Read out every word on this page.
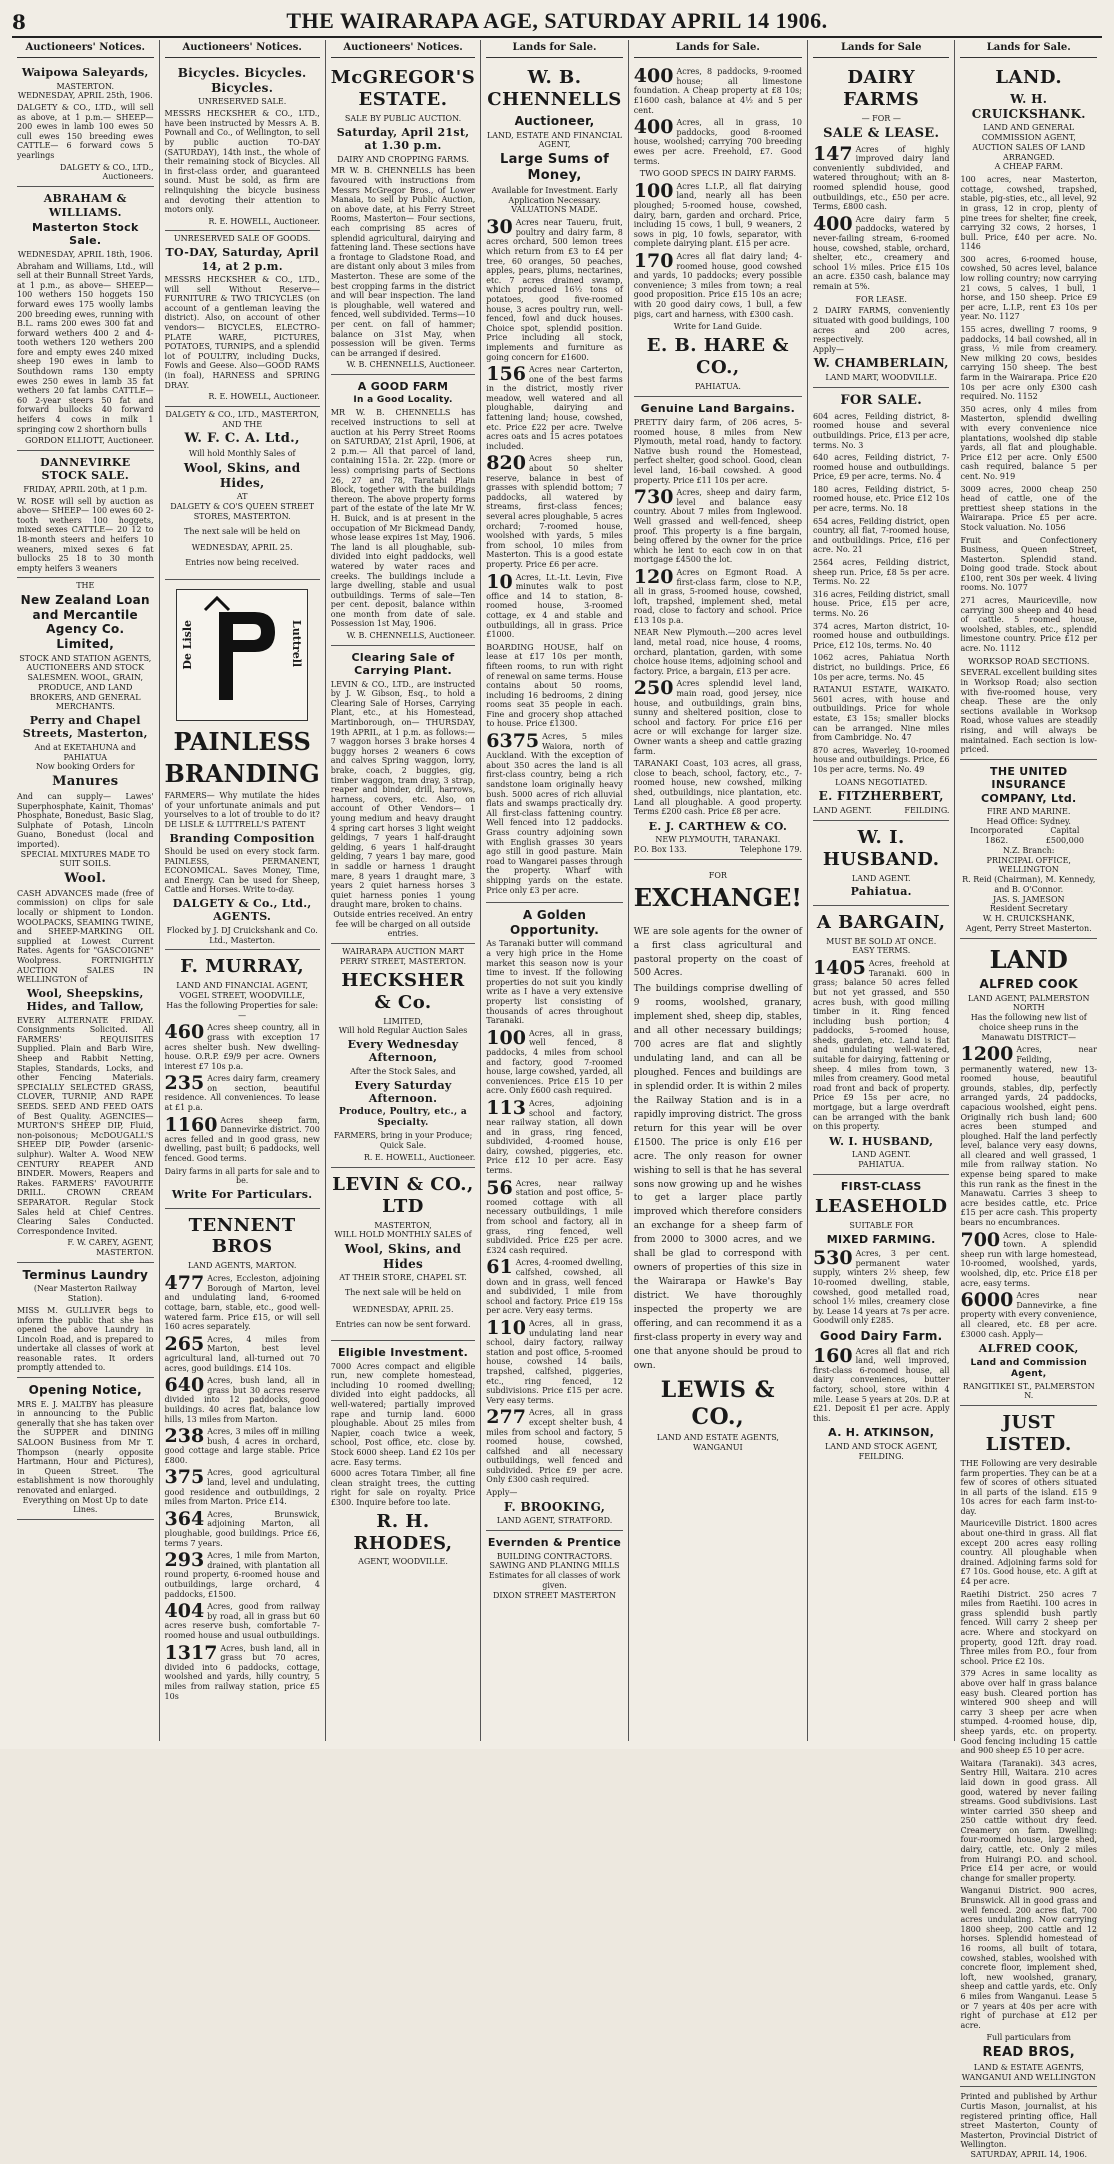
8	THE WAIRARAPA AGE, SATURDAY APRIL 14 1906.
Auctioneers' Notices.
Waipowa Saleyards,
MASTERTON.
WEDNESDAY, APRIL 25th, 1906.
DALGETY & CO., LTD., will sell as above, at 1 p.m.— SHEEP— 200 ewes in lamb 100 ewes 50 cull ewes 150 breeding ewes CATTLE— 6 forward cows 5 yearlings
DALGETY & CO., LTD., Auctioneers.
ABRAHAM & WILLIAMS.
Masterton Stock Sale.
WEDNESDAY, APRIL 18th, 1906.
Abraham and Williams, Ltd., will sell at their Bunnall Street Yards, at 1 p.m., as above— SHEEP— 100 wethers 150 hoggets 150 forward ewes 175 woolly lambs 200 breeding ewes, running with B.L. rams 200 ewes 300 fat and forward wethers 400 2 and 4-tooth wethers 120 wethers 200 fore and empty ewes 240 mixed sheep 190 ewes in lamb to Southdown rams 130 empty ewes 250 ewes in lamb 35 fat wethers 20 fat lambs CATTLE— 60 2-year steers 50 fat and forward bullocks 40 forward heifers 4 cows in milk 1 springing cow 2 shorthorn bulls
GORDON ELLIOTT, Auctioneer.
DANNEVIRKE STOCK SALE.
FRIDAY, APRIL 20th, at 1 p.m.
W. ROSE will sell by auction as above— SHEEP— 100 ewes 60 2-tooth wethers 100 hoggets, mixed sexes CATTLE— 20 12 to 18-month steers and heifers 10 weaners, mixed sexes 6 fat bullocks 25 18 to 30 month empty heifers 3 weaners
THE
New Zealand Loan and Mercantile Agency Co. Limited,
STOCK AND STATION AGENTS, AUCTIONEERS AND STOCK SALESMEN. WOOL, GRAIN, PRODUCE, AND LAND BROKERS, AND GENERAL MERCHANTS.
Perry and Chapel Streets, Masterton,
And at EKETAHUNA and PAHIATUA
Now booking Orders for
Manures
And can supply— Lawes' Superphosphate, Kainit, Thomas' Phosphate, Bonedust, Basic Slag, Sulphate of Potash, Lincoln Guano, Bonedust (local and imported).
SPECIAL MIXTURES MADE TO SUIT SOILS.
Wool.
CASH ADVANCES made (free of commission) on clips for sale locally or shipment to London. WOOLPACKS, SEAMING TWINE, and SHEEP-MARKING OIL supplied at Lowest Current Rates. Agents for "GASCOIGNE" Woolpress. FORTNIGHTLY AUCTION SALES IN WELLINGTON of
Wool, Sheepskins, Hides, and Tallow,
EVERY ALTERNATE FRIDAY. Consignments Solicited. All FARMERS' REQUISITES Supplied. Plain and Barb Wire, Sheep and Rabbit Netting, Staples, Standards, Locks, and other Fencing Materials. SPECIALLY SELECTED GRASS, CLOVER, TURNIP, AND RAPE SEEDS. SEED AND FEED OATS of Best Quality. AGENCIES— MURTON'S SHEEP DIP, Fluid, non-poisonous; McDOUGALL'S SHEEP DIP, Powder (arsenic-sulphur). Walter A. Wood NEW CENTURY REAPER AND BINDER. Mowers, Reapers and Rakes. FARMERS' FAVOURITE DRILL. CROWN CREAM SEPARATOR. Regular Stock Sales held at Chief Centres. Clearing Sales Conducted. Correspondence Invited.
F. W. CAREY, AGENT, MASTERTON.
Terminus Laundry
(Near Masterton Railway Station).
MISS M. GULLIVER begs to inform the public that she has opened the above Laundry in Lincoln Road, and is prepared to undertake all classes of work at reasonable rates. It orders promptly attended to.
Opening Notice,
MRS E. J. MALTBY has pleasure in announcing to the Public generally that she has taken over the SUPPER and DINING SALOON Business from Mr T. Thompson (nearly opposite Hartmann, Hour and Pictures), in Queen Street. The establishment is now thoroughly renovated and enlarged.
Everything on Most Up to date Lines.
Auctioneers' Notices.
Bicycles. Bicycles. Bicycles.
UNRESERVED SALE.
MESSRS HECKSHER & CO., LTD., have been instructed by Messrs A. B. Pownall and Co., of Wellington, to sell by public auction TO-DAY (SATURDAY), 14th inst., the whole of their remaining stock of Bicycles. All in first-class order, and guaranteed sound. Must be sold, as firm are relinquishing the bicycle business and devoting their attention to motors only.
R. E. HOWELL, Auctioneer.
UNRESERVED SALE OF GOODS.
TO-DAY, Saturday, April 14, at 2 p.m.
MESSRS HECKSHER & CO., LTD., will sell Without Reserve— FURNITURE & TWO TRICYCLES (on account of a gentleman leaving the district). Also, on account of other vendors— BICYCLES, ELECTRO-PLATE WARE, PICTURES, POTATOES, TURNIPS, and a splendid lot of POULTRY, including Ducks, Fowls and Geese. Also—GOOD RAMS (in foal), HARNESS and SPRING DRAY.
R. E. HOWELL, Auctioneer.
DALGETY & CO., LTD., MASTERTON,
AND THE
W. F. C. A. Ltd.,
Will hold Monthly Sales of
Wool, Skins, and Hides,
AT
DALGETY & CO'S QUEEN STREET STORES, MASTERTON.
The next sale will be held on
WEDNESDAY, APRIL 25.
Entries now being received.
De Lisle	Luttrell
PAINLESS
BRANDING
FARMERS— Why mutilate the hides of your unfortunate animals and put yourselves to a lot of trouble to do it? DE LISLE & LUTTRELL'S PATENT
Branding Composition
Should be used on every stock farm. PAINLESS, PERMANENT, ECONOMICAL. Saves Money, Time, and Energy. Can be used for Sheep, Cattle and Horses. Write to-day.
DALGETY & Co., Ltd., AGENTS.
Flocked by J. DJ Cruickshank and Co. Ltd., Masterton.
F. MURRAY,
LAND AND FINANCIAL AGENT, VOGEL STREET, WOODVILLE,
Has the following Properties for sale:—
460 Acres sheep country, all in grass with exception 17 acres shelter bush. New dwelling-house. O.R.P. £9/9 per acre. Owners interest £7 10s p.a.
235 Acres dairy farm, creamery on section, beautiful residence. All conveniences. To lease at £1 p.a.
1160 Acres sheep farm, Dannevirke district. 700 acres felled and in good grass, new dwelling, past built; 6 paddocks, well fenced. Good terms.
Dairy farms in all parts for sale and to be.
Write For Particulars.
TENNENT BROS
LAND AGENTS, MARTON.
477 Acres, Eccleston, adjoining Borough of Marton, level and undulating land, 6-roomed cottage, barn, stable, etc., good well-watered farm. Price £15, or will sell 160 acres separately.
265 Acres, 4 miles from Marton, best level agricultural land, all-turned out 70 acres, good buildings. £14 10s.
640 Acres, bush land, all in grass but 30 acres reserve divided into 12 paddocks, good buildings. 40 acres flat, balance low hills, 13 miles from Marton.
238 Acres, 3 miles off in milling bush, 4 acres in orchard, good cottage and large stable. Price £800.
375 Acres, good agricultural land, level and undulating, good residence and outbuildings, 2 miles from Marton. Price £14.
364 Acres, Brunswick, adjoining Marton, all ploughable, good buildings. Price £6, terms 7 years.
293 Acres, 1 mile from Marton, drained, with plantation all round property, 6-roomed house and outbuildings, large orchard, 4 paddocks, £1500.
404 Acres, good from railway by road, all in grass but 60 acres reserve bush, comfortable 7-roomed house and usual outbuildings.
1317 Acres, bush land, all in grass but 70 acres, divided into 6 paddocks, cottage, woolshed and yards, hilly country, 5 miles from railway station, price £5 10s
Auctioneers' Notices.
McGREGOR'S ESTATE.
SALE BY PUBLIC AUCTION.
Saturday, April 21st, at 1.30 p.m.
DAIRY AND CROPPING FARMS.
MR W. B. CHENNELLS has been favoured with instructions from Messrs McGregor Bros., of Lower Manaia, to sell by Public Auction, on above date, at his Ferry Street Rooms, Masterton— Four sections, each comprising 85 acres of splendid agricultural, dairying and fattening land. These sections have a frontage to Gladstone Road, and are distant only about 3 miles from Masterton. These are some of the best cropping farms in the district and will bear inspection. The land is ploughable, well watered and fenced, well subdivided. Terms—10 per cent. on fall of hammer; balance on 31st May, when possession will be given. Terms can be arranged if desired.
W. B. CHENNELLS, Auctioneer.
A GOOD FARM
In a Good Locality.
MR W. B. CHENNELLS has received instructions to sell at auction at his Perry Street Rooms on SATURDAY, 21st April, 1906, at 2 p.m.— All that parcel of land, containing 151a. 2r. 22p. (more or less) comprising parts of Sections 26, 27 and 78, Taratahi Plain Block, together with the buildings thereon. The above property forms part of the estate of the late Mr W. H. Buick, and is at present in the occupation of Mr Bickmead Dandy, whose lease expires 1st May, 1906. The land is all ploughable, sub-divided into eight paddocks, well watered by water races and creeks. The buildings include a large dwelling, stable and usual outbuildings. Terms of sale—Ten per cent. deposit, balance within one month from date of sale. Possession 1st May, 1906.
W. B. CHENNELLS, Auctioneer.
Clearing Sale of Carrying Plant.
LEVIN & CO., LTD., are instructed by J. W. Gibson, Esq., to hold a Clearing Sale of Horses, Carrying Plant, etc., at his Homestead, Martinborough, on— THURSDAY, 19th APRIL, at 1 p.m. as follows:— 7 waggon horses 3 brake horses 4 buggy horses 2 weaners 6 cows and calves Spring waggon, lorry, brake, coach, 2 buggies, gig, timber waggon, tram dray, 3 strap, reaper and binder, drill, harrows, harness, covers, etc. Also, on account of Other Vendors— 1 young medium and heavy draught 4 spring cart horses 3 light weight geldings, 7 years 1 half-draught gelding, 6 years 1 half-draught gelding, 7 years 1 bay mare, good in saddle or harness 1 draught mare, 8 years 1 draught mare, 3 years 2 quiet harness horses 3 quiet harness ponies 1 young draught mare, broken to chains.
Outside entries received. An entry fee will be charged on all outside entries.
WAIRARAPA AUCTION MART PERRY STREET, MASTERTON.
HECKSHER & Co.
LIMITED,
Will hold Regular Auction Sales
Every Wednesday Afternoon,
After the Stock Sales, and
Every Saturday Afternoon.
Produce, Poultry, etc., a Specialty.
FARMERS, bring in your Produce; Quick Sale.
R. E. HOWELL, Auctioneer.
LEVIN & CO., LTD
MASTERTON,
WILL HOLD MONTHLY SALES of
Wool, Skins, and Hides
AT THEIR STORE, CHAPEL ST.
The next sale will be held on
WEDNESDAY, APRIL 25.
Entries can now be sent forward.
Eligible Investment.
7000 Acres compact and eligible run, new complete homestead, including 10 roomed dwelling; divided into eight paddocks, all well-watered; partially improved rape and turnip land. 6000 ploughable. About 25 miles from Napier, coach twice a week, school, Post office, etc. close by. Stock 6000 sheep. Land £2 10s per acre. Easy terms.
6000 acres Totara Timber, all fine clean straight trees, the cutting right for sale on royalty. Price £300. Inquire before too late.
R. H. RHODES,
AGENT, WOODVILLE.
Lands for Sale.
W. B. CHENNELLS
Auctioneer,
LAND, ESTATE AND FINANCIAL AGENT,
Large Sums of Money,
Available for Investment. Early Application Necessary. VALUATIONS MADE.
30 Acres near Taueru, fruit, poultry and dairy farm, 8 acres orchard, 500 lemon trees which return from £3 to £4 per tree, 60 oranges, 50 peaches, apples, pears, plums, nectarines, etc. 7 acres drained swamp, which produced 16½ tons of potatoes, good five-roomed house, 3 acres poultry run, well-fenced, fowl and duck houses. Choice spot, splendid position. Price including all stock, implements and furniture as going concern for £1600.
156 Acres near Carterton, one of the best farms in the district, mostly river meadow, well watered and all ploughable, dairying and fattening land; house, cowshed, etc. Price £22 per acre. Twelve acres oats and 15 acres potatoes included.
820 Acres sheep run, about 50 shelter reserve, balance in best of grasses with splendid bottom; 7 paddocks, all watered by streams, first-class fences; several acres ploughable, 5 acres orchard; 7-roomed house, woolshed with yards, 5 miles from school, 10 miles from Masterton. This is a good estate property. Price £6 per acre.
10 Acres, Lt.-Lt. Levin, Five minutes walk to post office and 14 to station, 8-roomed house, 3-roomed cottage, ex 4 and stable and outbuildings, all in grass. Price £1000.
BOARDING HOUSE, half on lease at £17 10s per month, fifteen rooms, to run with right of renewal on same terms. House contains about 50 rooms, including 16 bedrooms, 2 dining rooms seat 35 people in each. Fine and grocery shop attached to house. Price £1300.
6375 Acres, 5 miles Waiora, north of Auckland. With the exception of about 350 acres the land is all first-class country, being a rich sandstone loam originally heavy bush. 5000 acres of rich alluvial flats and swamps practically dry. All first-class fattening country. Well fenced into 12 paddocks. Grass country adjoining sown with English grasses 30 years ago still in good pasture. Main road to Wangarei passes through the property. Wharf with shipping yards on the estate. Price only £3 per acre.
A Golden Opportunity.
As Taranaki butter will command a very high price in the Home market this season now is your time to invest. If the following properties do not suit you kindly write as I have a very extensive property list consisting of thousands of acres throughout Taranaki.
100 Acres, all in grass, well fenced, 8 paddocks, 4 miles from school and factory, good 7-roomed house, large cowshed, yarded, all conveniences. Price £15 10 per acre. Only £600 cash required.
113 Acres, adjoining school and factory, near railway station, all down and in grass, ring fenced, subdivided, 4-roomed house, dairy, cowshed, piggeries, etc. Price £12 10 per acre. Easy terms.
56 Acres, near railway station and post office, 5-roomed cottage with all necessary outbuildings, 1 mile from school and factory, all in grass, ring fenced, well subdivided. Price £25 per acre. £324 cash required.
61 Acres, 4-roomed dwelling, calfshed, cowshed, all down and in grass, well fenced and subdivided, 1 mile from school and factory. Price £19 15s per acre. Very easy terms.
110 Acres, all in grass, undulating land near school, dairy factory, railway station and post office, 5-roomed house, cowshed 14 bails, trapshed, calfshed, piggeries, etc., ring fenced, 12 subdivisions. Price £15 per acre. Very easy terms.
277 Acres, all in grass except shelter bush, 4 miles from school and factory, 5 roomed house, cowshed, calfshed and all necessary outbuildings, well fenced and subdivided. Price £9 per acre. Only £300 cash required.
Apply—
F. BROOKING,
LAND AGENT, STRATFORD.
Evernden & Prentice
BUILDING CONTRACTORS.
SAWING AND PLANING MILLS
Estimates for all classes of work given.
DIXON STREET MASTERTON
Lands for Sale.
400 Acres, 8 paddocks, 9-roomed house; all limestone foundation. A Cheap property at £8 10s; £1600 cash, balance at 4½ and 5 per cent.
400 Acres, all in grass, 10 paddocks, good 8-roomed house, woolshed; carrying 700 breeding ewes per acre. Freehold, £7. Good terms.
TWO GOOD SPECS IN DAIRY FARMS.
100 Acres L.I.P., all flat dairying land, nearly all has been ploughed; 5-roomed house, cowshed, dairy, barn, garden and orchard. Price, including 15 cows, 1 bull, 9 weaners, 2 sows in pig, 10 fowls, separator, with complete dairying plant. £15 per acre.
170 Acres all flat dairy land; 4-roomed house, good cowshed and yards, 10 paddocks; every possible convenience; 3 miles from town; a real good proposition. Price £15 10s an acre; with 20 good dairy cows, 1 bull, a few pigs, cart and harness, with £300 cash.
Write for Land Guide.
E. B. HARE & CO.,
PAHIATUA.
Genuine Land Bargains.
PRETTY dairy farm, of 206 acres, 5-roomed house, 8 miles from New Plymouth, metal road, handy to factory. Native bush round the Homestead, perfect shelter, good school. Good, clean level land, 16-bail cowshed. A good property. Price £11 10s per acre.
730 Acres, sheep and dairy farm, level and balance easy country. About 7 miles from Inglewood. Well grassed and well-fenced, sheep proof. This property is a fine bargain, being offered by the owner for the price which he lent to each cow in on that mortgage £4500 the lot.
120 Acres on Egmont Road. A first-class farm, close to N.P., all in grass, 5-roomed house, cowshed, loft, trapshed, implement shed, metal road, close to factory and school. Price £13 10s p.a.
NEAR New Plymouth.—200 acres level land, metal road, nice house, 4 rooms, orchard, plantation, garden, with some choice house items, adjoining school and factory. Price, a bargain, £13 per acre.
250 Acres splendid level land, main road, good jersey, nice house, and outbuildings, grain bins, sunny and sheltered position, close to school and factory. For price £16 per acre or will exchange for larger size. Owner wants a sheep and cattle grazing farm.
TARANAKI Coast, 103 acres, all grass, close to beach, school, factory, etc., 7-roomed house, new cowshed, milking shed, outbuildings, nice plantation, etc. Land all ploughable. A good property. Terms £200 cash. Price £8 per acre.
E. J. CARTHEW & CO.
NEW PLYMOUTH, TARANAKI.
P.O. Box 133.	Telephone 179.
FOR
EXCHANGE!
WE are sole agents for the owner of a first class agricultural and pastoral property on the coast of 500 Acres.
The buildings comprise dwelling of 9 rooms, woolshed, granary, implement shed, sheep dip, stables, and all other necessary buildings; 700 acres are flat and slightly undulating land, and can all be ploughed. Fences and buildings are in splendid order. It is within 2 miles the Railway Station and is in a rapidly improving district. The gross return for this year will be over £1500. The price is only £16 per acre. The only reason for owner wishing to sell is that he has several sons now growing up and he wishes to get a larger place partly improved which therefore considers an exchange for a sheep farm of from 2000 to 3000 acres, and we shall be glad to correspond with owners of properties of this size in the Wairarapa or Hawke's Bay district. We have thoroughly inspected the property we are offering, and can recommend it as a first-class property in every way and one that anyone should be proud to own.
LEWIS & CO.,
LAND AND ESTATE AGENTS, WANGANUI
Lands for Sale
DAIRY FARMS
— FOR —
SALE & LEASE.
147 Acres of highly improved dairy land conveniently subdivided, and watered throughout; with an 8-roomed splendid house, good outbuildings, etc., £50 per acre. Terms, £800 cash.
400 Acre dairy farm 5 paddocks, watered by never-failing stream, 6-roomed house, cowshed, stable, orchard, shelter, etc., creamery and school 1½ miles. Price £15 10s an acre. £350 cash, balance may remain at 5%.
FOR LEASE.
2 DAIRY FARMS, conveniently situated with good buildings, 100 acres and 200 acres, respectively.
Apply—
W. CHAMBERLAIN,
LAND MART, WOODVILLE.
FOR SALE.
604 acres, Feilding district, 8-roomed house and several outbuildings. Price, £13 per acre, terms. No. 3
640 acres, Feilding district, 7-roomed house and outbuildings. Price, £9 per acre, terms. No. 4
180 acres, Feilding district, 5-roomed house, etc. Price £12 10s per acre, terms. No. 18
654 acres, Feilding district, open country, all flat, 7-roomed house, and outbuildings. Price, £16 per acre. No. 21
2564 acres, Feilding district, sheep run. Price, £8 5s per acre. Terms. No. 22
316 acres, Feilding district, small house. Price, £15 per acre, terms. No. 26
374 acres, Marton district, 10-roomed house and outbuildings. Price, £12 10s, terms. No. 40
1062 acres, Pahiatua North district, no buildings. Price, £6 10s per acre, terms. No. 45
RATANUI ESTATE, WAIKATO. 5601 acres, with house and outbuildings. Price for whole estate, £3 15s; smaller blocks can be arranged. Nine miles from Cambridge. No. 47
870 acres, Waverley, 10-roomed house and outbuildings. Price, £6 10s per acre, terms. No. 49
LOANS NEGOTIATED.
E. FITZHERBERT,
LAND AGENT.	FEILDING.
W. I. HUSBAND.
LAND AGENT.
Pahiatua.
A BARGAIN,
MUST BE SOLD AT ONCE.
EASY TERMS.
1405 Acres, freehold at Taranaki. 600 in grass; balance 50 acres felled but not yet grassed, and 550 acres bush, with good milling timber in it. Ring fenced including bush portion; 4 paddocks, 5-roomed house, sheds, garden, etc. Land is flat and undulating well-watered, suitable for dairying, fattening or sheep. 4 miles from town, 3 miles from creamery. Good metal road front and back of property. Price £9 15s per acre, no mortgage, but a large overdraft can be arranged with the bank on this property.
W. I. HUSBAND,
LAND AGENT.
PAHIATUA.
FIRST-CLASS
LEASEHOLD
SUITABLE FOR
MIXED FARMING.
530 Acres, 3 per cent. permanent water supply, winters 2½ sheep, few 10-roomed dwelling, stable, cowshed, good metalled road, school 1½ miles, creamery close by. Lease 14 years at 7s per acre. Goodwill only £285.
Good Dairy Farm.
160 Acres all flat and rich land, well improved, first-class 6-roomed house, all dairy conveniences, butter factory, school, store within 4 mile. Lease 5 years at 20s. D.P. at £21. Deposit £1 per acre. Apply this.
A. H. ATKINSON,
LAND AND STOCK AGENT, FEILDING.
Lands for Sale.
LAND.
W. H. CRUICKSHANK.
LAND AND GENERAL COMMISSION AGENT, AUCTION SALES OF LAND ARRANGED.
A CHEAP FARM.
100 acres, near Masterton, cottage, cowshed, trapshed, stable, pig-sties, etc., all level, 92 in grass, 12 in crop, plenty of pine trees for shelter, fine creek, carrying 32 cows, 2 horses, 1 bull. Price, £40 per acre. No. 1146
300 acres, 6-roomed house, cowshed, 50 acres level, balance low rolling country; now carrying 21 cows, 5 calves, 1 bull, 1 horse, and 150 sheep. Price £9 per acre, L.I.P., rent £3 10s per year. No. 1127
155 acres, dwelling 7 rooms, 9 paddocks, 14 bail cowshed, all in grass, ½ mile from creamery. New milking 20 cows, besides carrying 150 sheep. The best farm in the Wairarapa. Price £20 10s per acre only £300 cash required. No. 1152
350 acres, only 4 miles from Masterton, splendid dwelling with every convenience nice plantations, woolshed dip stable yards, all flat and ploughable. Price £12 per acre. Only £500 cash required, balance 5 per cent. No. 919
3009 acres, 2000 cheap 250 head of cattle, one of the prettiest sheep stations in the Wairarapa. Price £5 per acre. Stock valuation. No. 1056
Fruit and Confectionery Business, Queen Street, Masterton. Splendid stand. Doing good trade. Stock about £100, rent 30s per week. 4 living rooms. No. 1077
271 acres, Mauriceville, now carrying 300 sheep and 40 head of cattle. 5 roomed house, woolshed, stables, etc., splendid limestone country. Price £12 per acre. No. 1112
WORKSOP ROAD SECTIONS.
SEVERAL excellent building sites in Worksop Road; also section with five-roomed house, very cheap. These are the only sections available in Worksop Road, whose values are steadily rising, and will always be maintained. Each section is low-priced.
THE UNITED INSURANCE COMPANY, Ltd.
FIRE AND MARINE.
Head Office: Sydney.
Incorporated 1862.
Capital £500,000
N.Z. Branch:
PRINCIPAL OFFICE, WELLINGTON
R. Reid (Chairman), M. Kennedy, and B. O'Connor.
JAS. S. JAMESON
Resident Secretary
W. H. CRUICKSHANK,
Agent, Perry Street Masterton.
LAND
ALFRED COOK
LAND AGENT, PALMERSTON NORTH
Has the following new list of choice sheep runs in the Manawatu DISTRICT—
1200 Acres, near Feilding, permanently watered, new 13-roomed house, beautiful grounds, stables, dip, perfectly arranged yards, 24 paddocks, capacious woolshed, eight pens. Originally rich bush land; 600 acres been stumped and ploughed. Half the land perfectly level, balance very easy downs, all cleared and well grassed, 1 mile from railway station. No expense being spared to make this run rank as the finest in the Manawatu. Carries 3 sheep to acre besides cattle, etc. Price £15 per acre cash. This property bears no encumbrances.
700 Acres, close to Hale-town. A splendid sheep run with large homestead, 10-roomed, woolshed, yards, woolshed, dip, etc. Price £18 per acre, easy terms.
6000 Acres near Dannevirke, a fine property with every convenience, all cleared, etc. £8 per acre. £3000 cash. Apply—
ALFRED COOK,
Land and Commission Agent,
RANGITIKEI ST., PALMERSTON N.
JUST LISTED.
THE Following are very desirable farm properties. They can be at a few of scores of others situated in all parts of the island. £15 9 10s acres for each farm inst-to-day.
Mauriceville District. 1800 acres about one-third in grass. All flat except 200 acres easy rolling country. All ploughable when drained. Adjoining farms sold for £7 10s. Good house, etc. A gift at £4 per acre.
Raetihi District. 250 acres 7 miles from Raetihi. 100 acres in grass splendid bush partly fenced. Will carry 2 sheep per acre. Where and stockyard on property, good 12ft. dray road. Three miles from P.O., four from school. Price £2 10s.
379 Acres in same locality as above over half in grass balance easy bush. Cleared portion has wintered 900 sheep and will carry 3 sheep per acre when stumped. 4-roomed house, dip, sheep yards, etc. on property. Good fencing including 15 cattle and 900 sheep £5 10 per acre.
Waitara (Taranaki). 343 acres, Sentry Hill, Waitara. 210 acres laid down in good grass. All good, watered by never failing streams. Good subdivisions. Last winter carried 350 sheep and 250 cattle without dry feed. Creamery on farm. Dwelling: four-roomed house, large shed, dairy, cattle, etc. Only 2 miles from Huirangi P.O. and school. Price £14 per acre, or would change for smaller property.
Wanganui District. 900 acres, Brunswick. All in good grass and well fenced. 200 acres flat, 700 acres undulating. Now carrying 1800 sheep, 200 cattle and 12 horses. Splendid homestead of 16 rooms, all built of totara, cowshed, stables, woolshed with concrete floor, implement shed, loft, new woolshed, granary, sheep and cattle yards, etc. Only 6 miles from Wanganui. Lease 5 or 7 years at 40s per acre with right of purchase at £12 per acre.
Full particulars from
READ BROS,
LAND & ESTATE AGENTS,
WANGANUI AND WELLINGTON
Printed and published by Arthur Curtis Mason, journalist, at his registered printing office, Hall street Masterton, County of Masterton, Provincial District of Wellington.
SATURDAY, APRIL 14, 1906.
